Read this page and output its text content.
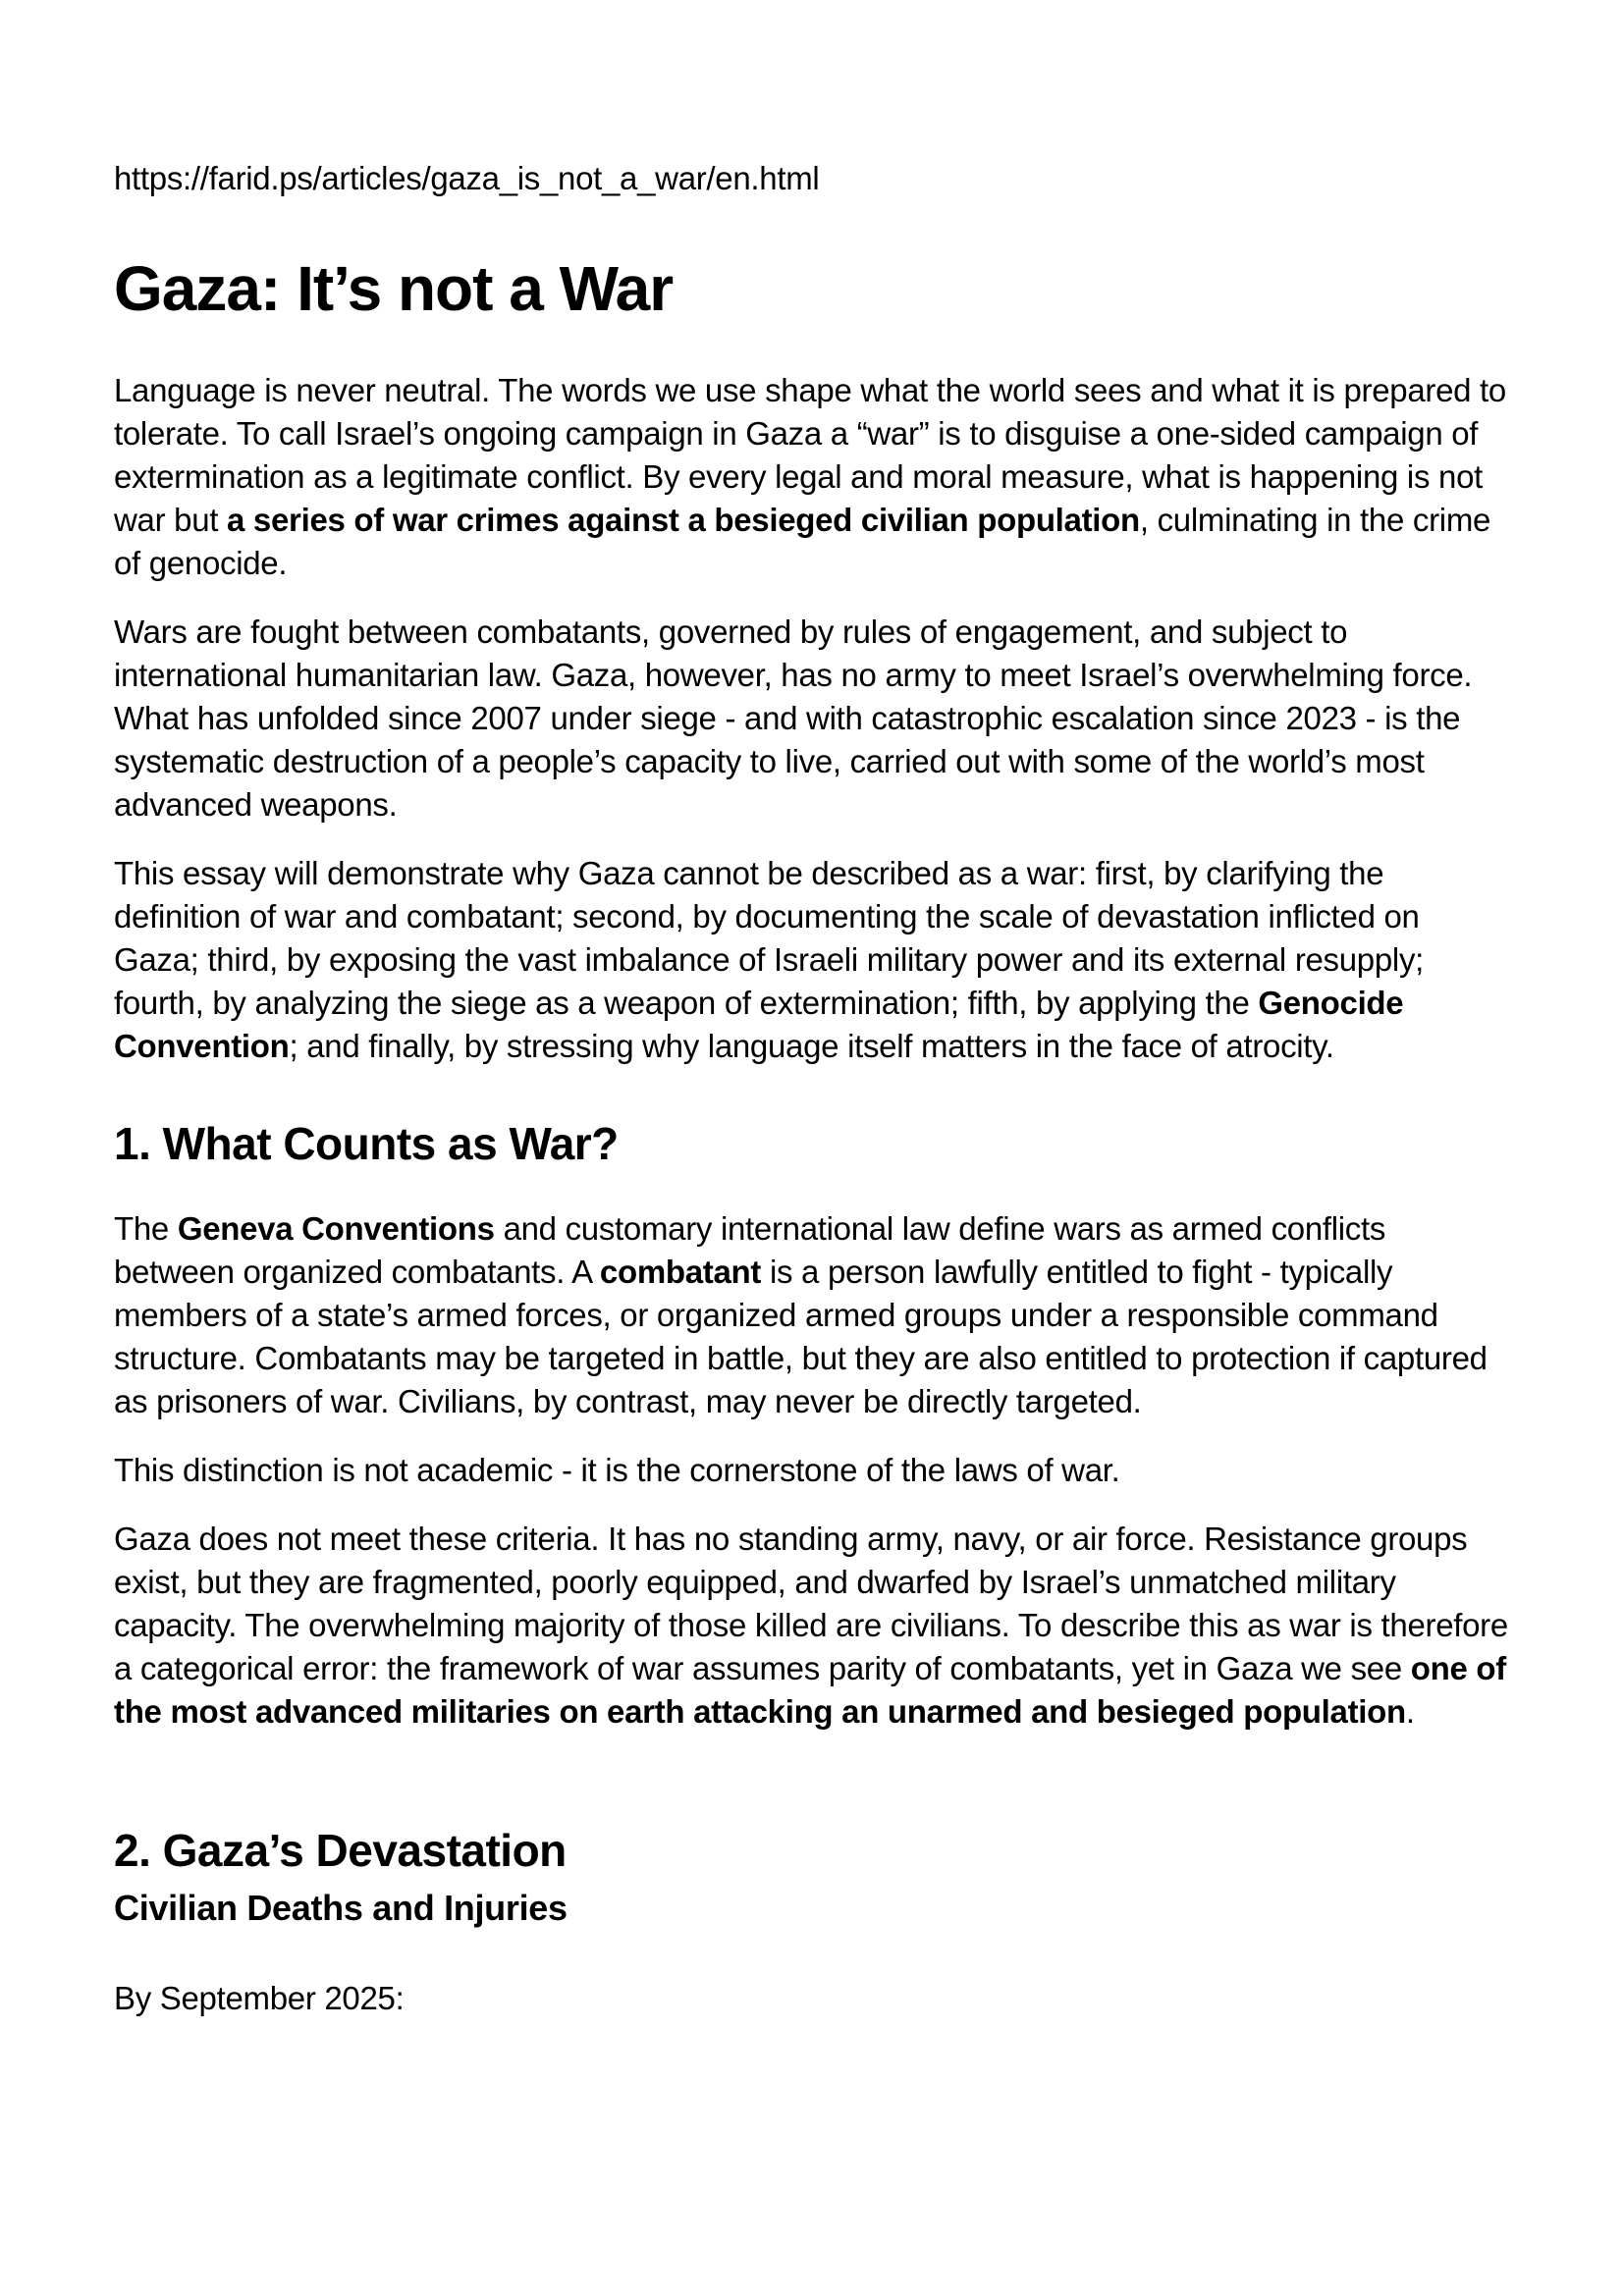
https://farid.ps/articles/gaza_is_not_a_war/en.html

Gaza: It’s not a War

Language is never neutral. The words we use shape what the world sees and what it is prepared to tolerate. To call Israel’s ongoing campaign in Gaza a “war” is to disguise a one-sided campaign of extermination as a legitimate conflict. By every legal and moral measure, what is happening is not war but a series of war crimes against a besieged civilian population, culminating in the crime of genocide.

Wars are fought between combatants, governed by rules of engagement, and subject to international humanitarian law. Gaza, however, has no army to meet Israel’s overwhelming force. What has unfolded since 2007 under siege - and with catastrophic escalation since 2023 - is the systematic destruction of a people’s capacity to live, carried out with some of the world’s most advanced weapons.

This essay will demonstrate why Gaza cannot be described as a war: first, by clarifying the definition of war and combatant; second, by documenting the scale of devastation inflicted on Gaza; third, by exposing the vast imbalance of Israeli military power and its external resupply; fourth, by analyzing the siege as a weapon of extermination; fifth, by applying the Genocide Convention; and finally, by stressing why language itself matters in the face of atrocity.

1. What Counts as War?

The Geneva Conventions and customary international law define wars as armed conflicts between organized combatants. A combatant is a person lawfully entitled to fight - typically members of a state’s armed forces, or organized armed groups under a responsible command structure. Combatants may be targeted in battle, but they are also entitled to protection if captured as prisoners of war. Civilians, by contrast, may never be directly targeted.

This distinction is not academic - it is the cornerstone of the laws of war.

Gaza does not meet these criteria. It has no standing army, navy, or air force. Resistance groups exist, but they are fragmented, poorly equipped, and dwarfed by Israel’s unmatched military capacity. The overwhelming majority of those killed are civilians. To describe this as war is therefore a categorical error: the framework of war assumes parity of combatants, yet in Gaza we see one of the most advanced militaries on earth attacking an unarmed and besieged population.

2. Gaza’s Devastation
Civilian Deaths and Injuries

By September 2025:
